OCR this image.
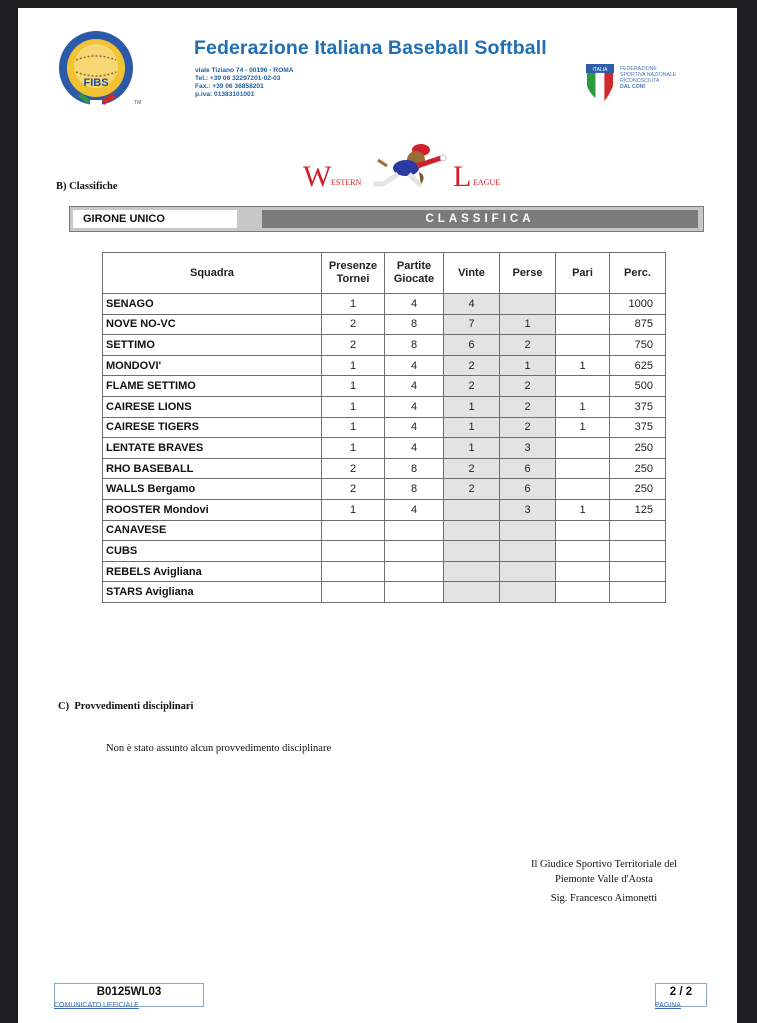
FIBS
TM
Federazione Italiana Baseball Softball
viale Tiziano 74 - 00196 - ROMA
Tel.: +39 06 32297201-02-03
Fax.: +39 06 36858201
p.iva: 01383101001
ITALIA FEDERAZIONE
SPORTIVA NAZIONALE
RICONOSCIUTA
DAL CONI
W ESTERN	L EAGUE
B) Classifiche
GIRONE UNICO	CLASSIFICA
Squadra	Presenze Tornei	Partite Giocate	Vinte	Perse	Pari	Perc.
SENAGO	1	4	4			1000
NOVE NO-VC	2	8	7	1		875
SETTIMO	2	8	6	2		750
MONDOVI'	1	4	2	1	1	625
FLAME SETTIMO	1	4	2	2		500
CAIRESE LIONS	1	4	1	2	1	375
CAIRESE TIGERS	1	4	1	2	1	375
LENTATE BRAVES	1	4	1	3		250
RHO BASEBALL	2	8	2	6		250
WALLS Bergamo	2	8	2	6		250
ROOSTER Mondovi	1	4		3	1	125
CANAVESE						
CUBS						
REBELS Avigliana						
STARS Avigliana						
C)  Provvedimenti disciplinari
Non è stato assunto alcun provvedimento disciplinare
Il Giudice Sportivo Territoriale del
Piemonte Valle d'Aosta
Sig. Francesco Aimonetti
B0125WL03
COMUNICATO UFFICIALE
2 / 2
PAGINA
